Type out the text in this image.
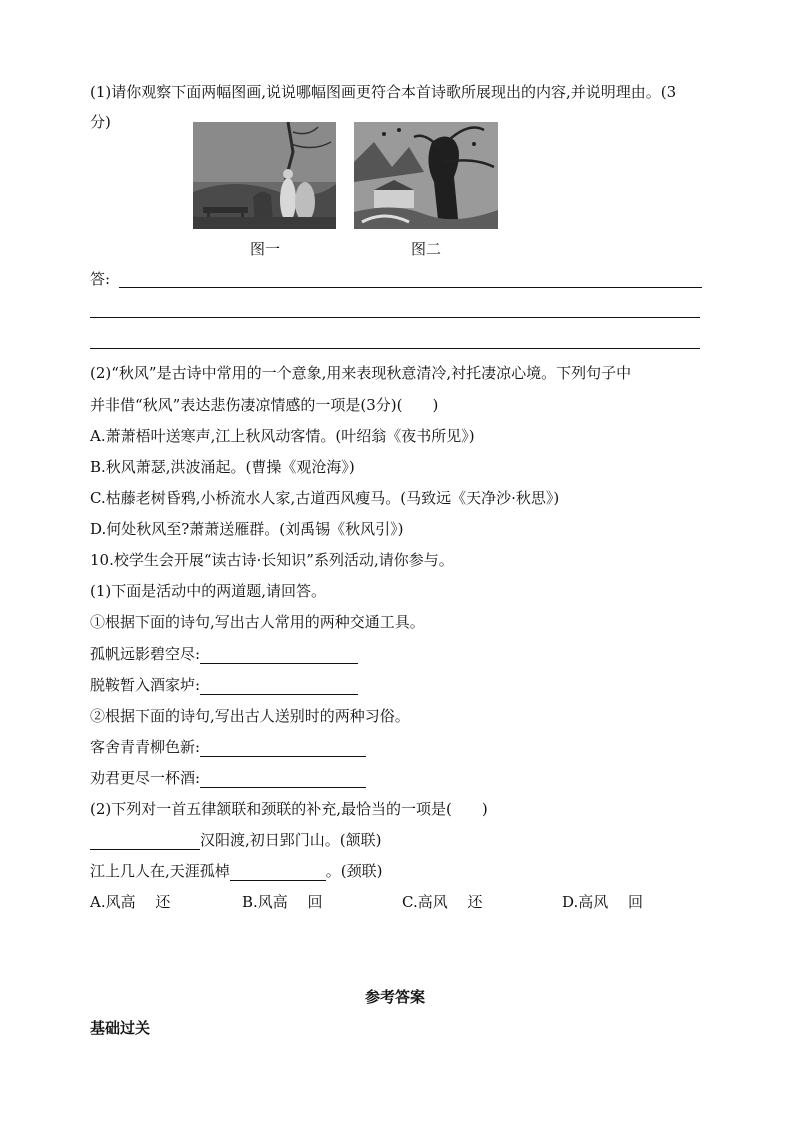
(1)请你观察下面两幅图画,说说哪幅图画更符合本首诗歌所展现出的内容,并说明理由。(3
分)
图一	图二
答:
(2)“秋风”是古诗中常用的一个意象,用来表现秋意清冷,衬托凄凉心境。下列句子中
并非借“秋风”表达悲伤凄凉情感的一项是(3分)(　　)
A.萧萧梧叶送寒声,江上秋风动客情。(叶绍翁《夜书所见》)
B.秋风萧瑟,洪波涌起。(曹操《观沧海》)
C.枯藤老树昏鸦,小桥流水人家,古道西风瘦马。(马致远《天净沙·秋思》)
D.何处秋风至?萧萧送雁群。(刘禹锡《秋风引》)
10.校学生会开展“读古诗·长知识”系列活动,请你参与。
(1)下面是活动中的两道题,请回答。
①根据下面的诗句,写出古人常用的两种交通工具。
孤帆远影碧空尽:
脱鞍暂入酒家垆:
②根据下面的诗句,写出古人送别时的两种习俗。
客舍青青柳色新:
劝君更尽一杯酒:
(2)下列对一首五律颔联和颈联的补充,最恰当的一项是(　　)
汉阳渡,初日郢门山。(颔联)
江上几人在,天涯孤棹	。(颈联)
A.风高　 还	B.风高　 回	C.高风　 还	D.高风　 回
参考答案
基础过关
